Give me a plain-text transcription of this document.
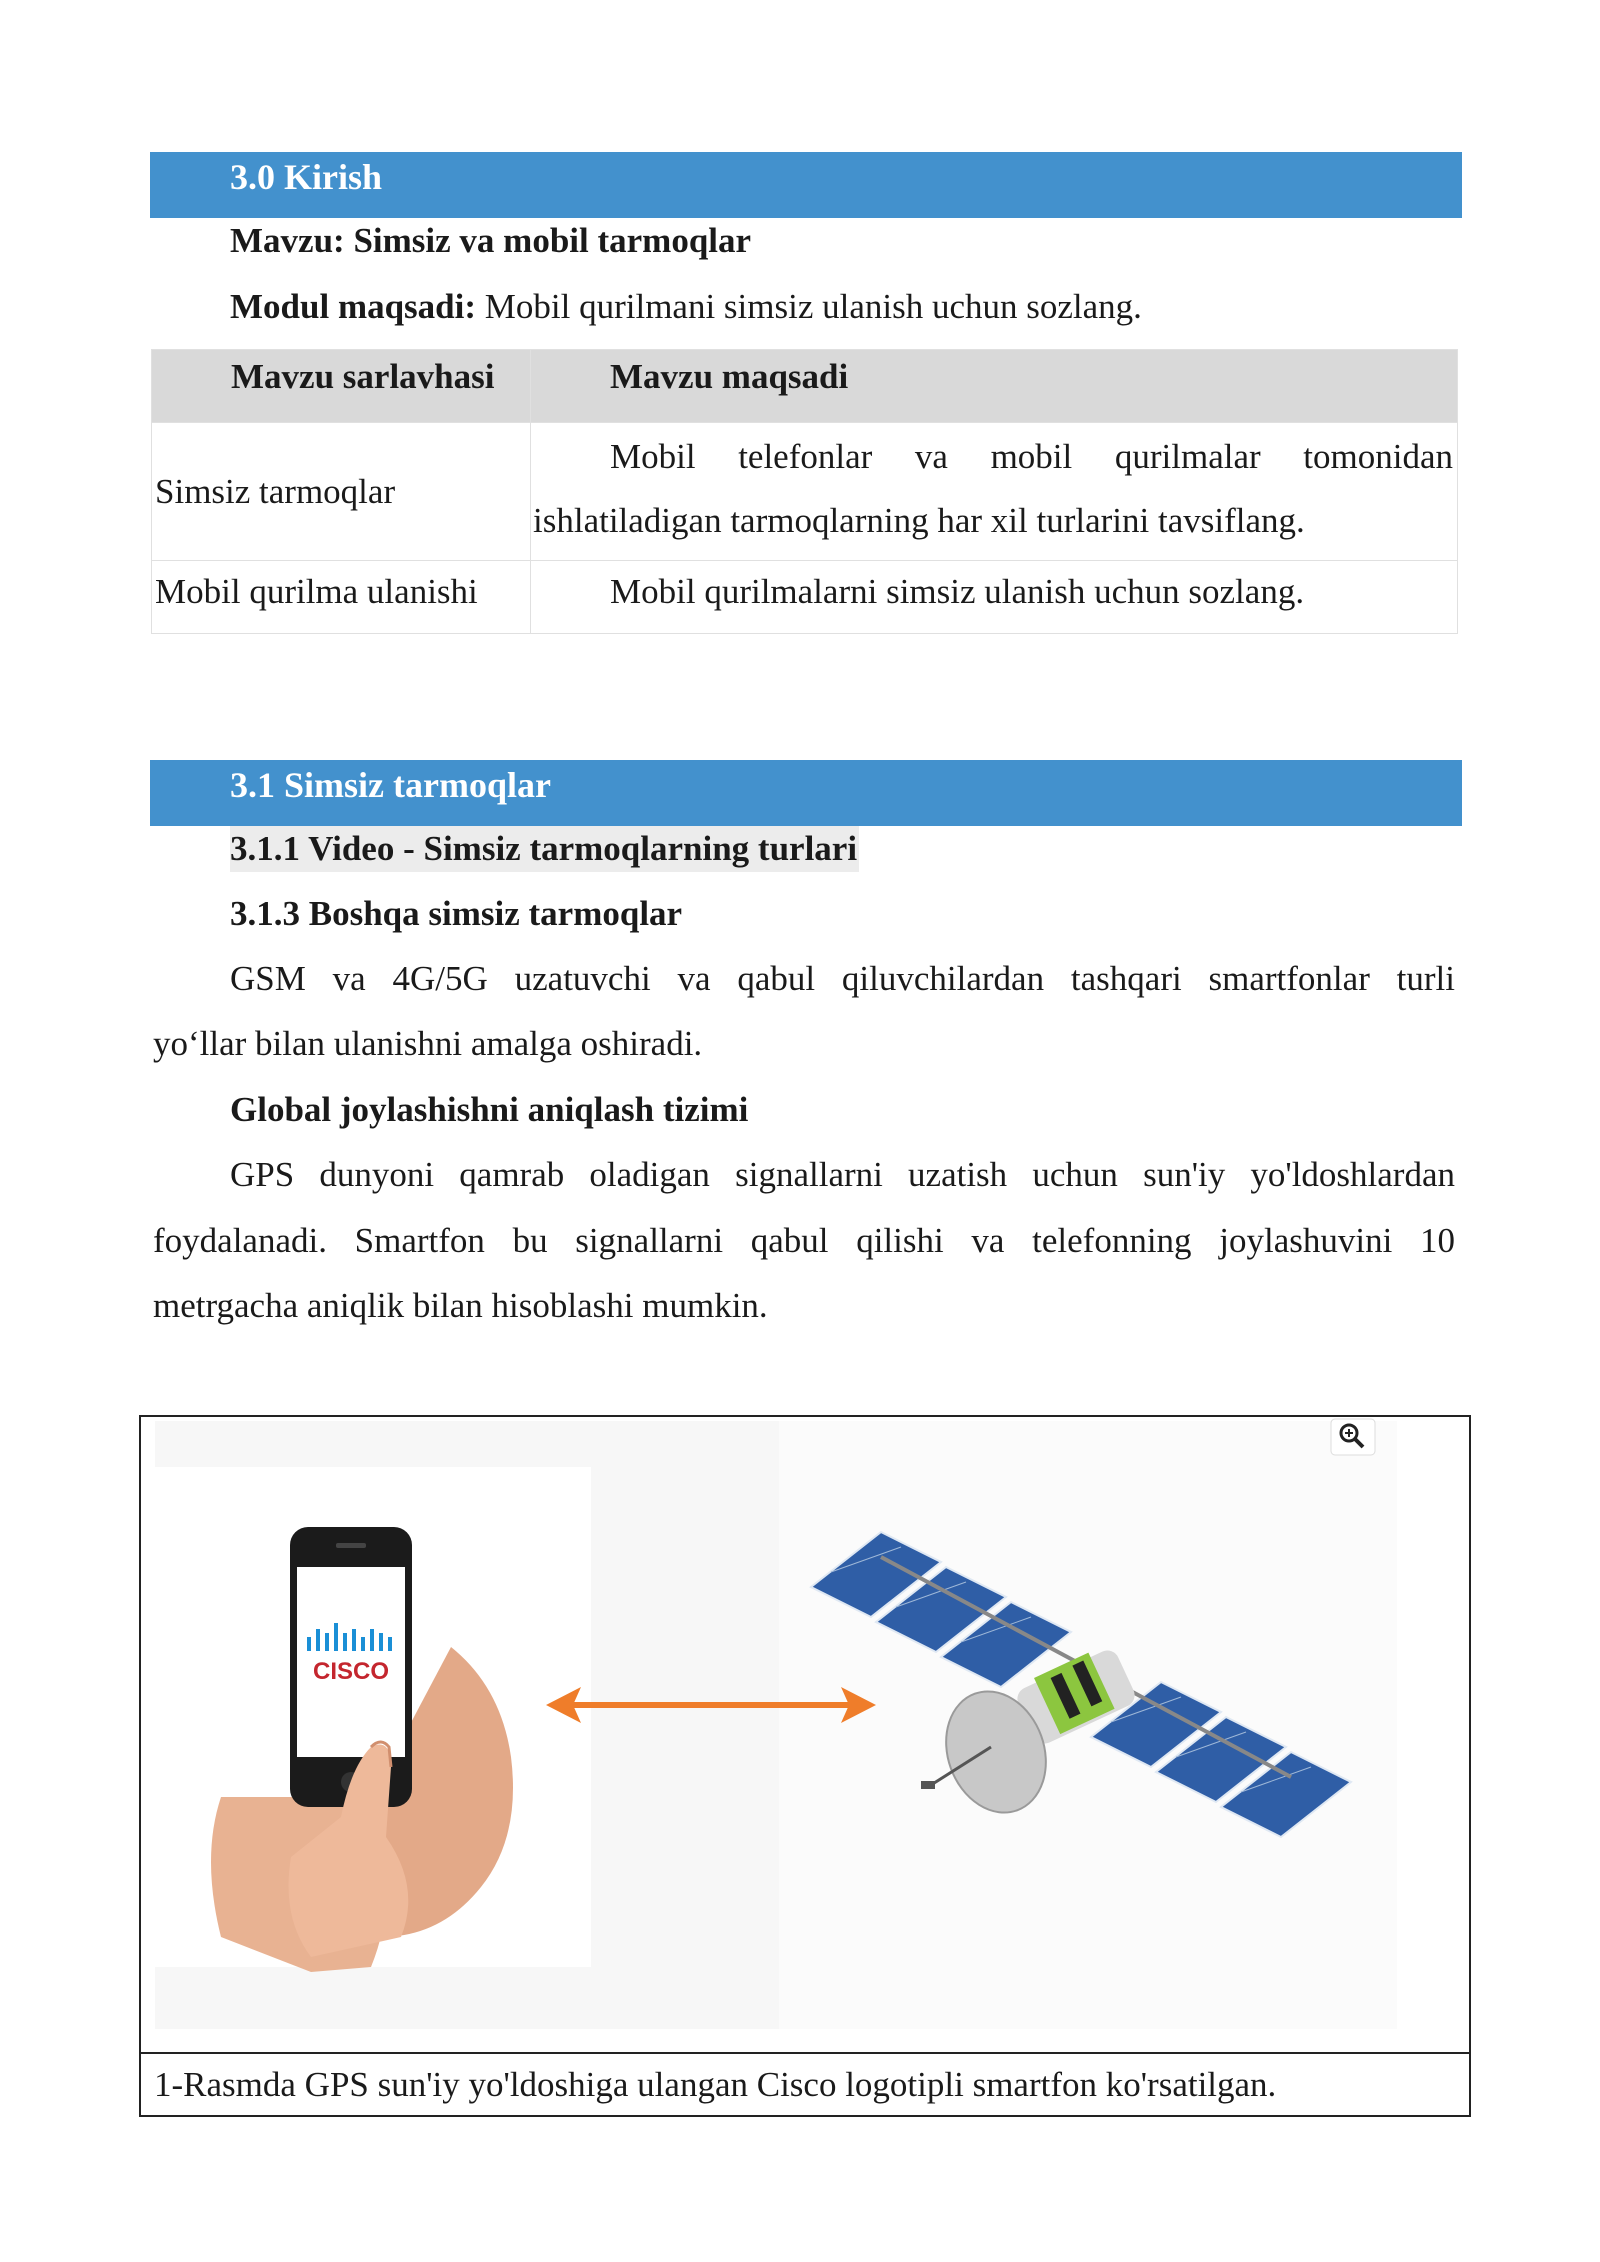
3.0 Kirish
Mavzu: Simsiz va mobil tarmoqlar
Modul maqsadi: Mobil qurilmani simsiz ulanish uchun sozlang.
Mavzu sarlavhasi	Mavzu maqsadi

Simsiz tarmoqlar	Mobil telefonlar va mobil qurilmalar tomonidan
ishlatiladigan tarmoqlarning har xil turlarini tavsiflang.

Mobil qurilma ulanishi	Mobil qurilmalarni simsiz ulanish uchun sozlang.
3.1 Simsiz tarmoqlar
3.1.1 Video - Simsiz tarmoqlarning turlari
3.1.3 Boshqa simsiz tarmoqlar
GSM va 4G/5G uzatuvchi va qabul qiluvchilardan tashqari smartfonlar turli
yo‘llar bilan ulanishni amalga oshiradi.
Global joylashishni aniqlash tizimi
GPS dunyoni qamrab oladigan signallarni uzatish uchun sun'iy yo'ldoshlardan
foydalanadi. Smartfon bu signallarni qabul qilishi va telefonning joylashuvini 10
metrgacha aniqlik bilan hisoblashi mumkin.
CISCO
1-Rasmda GPS sun'iy yo'ldoshiga ulangan Cisco logotipli smartfon ko'rsatilgan.
